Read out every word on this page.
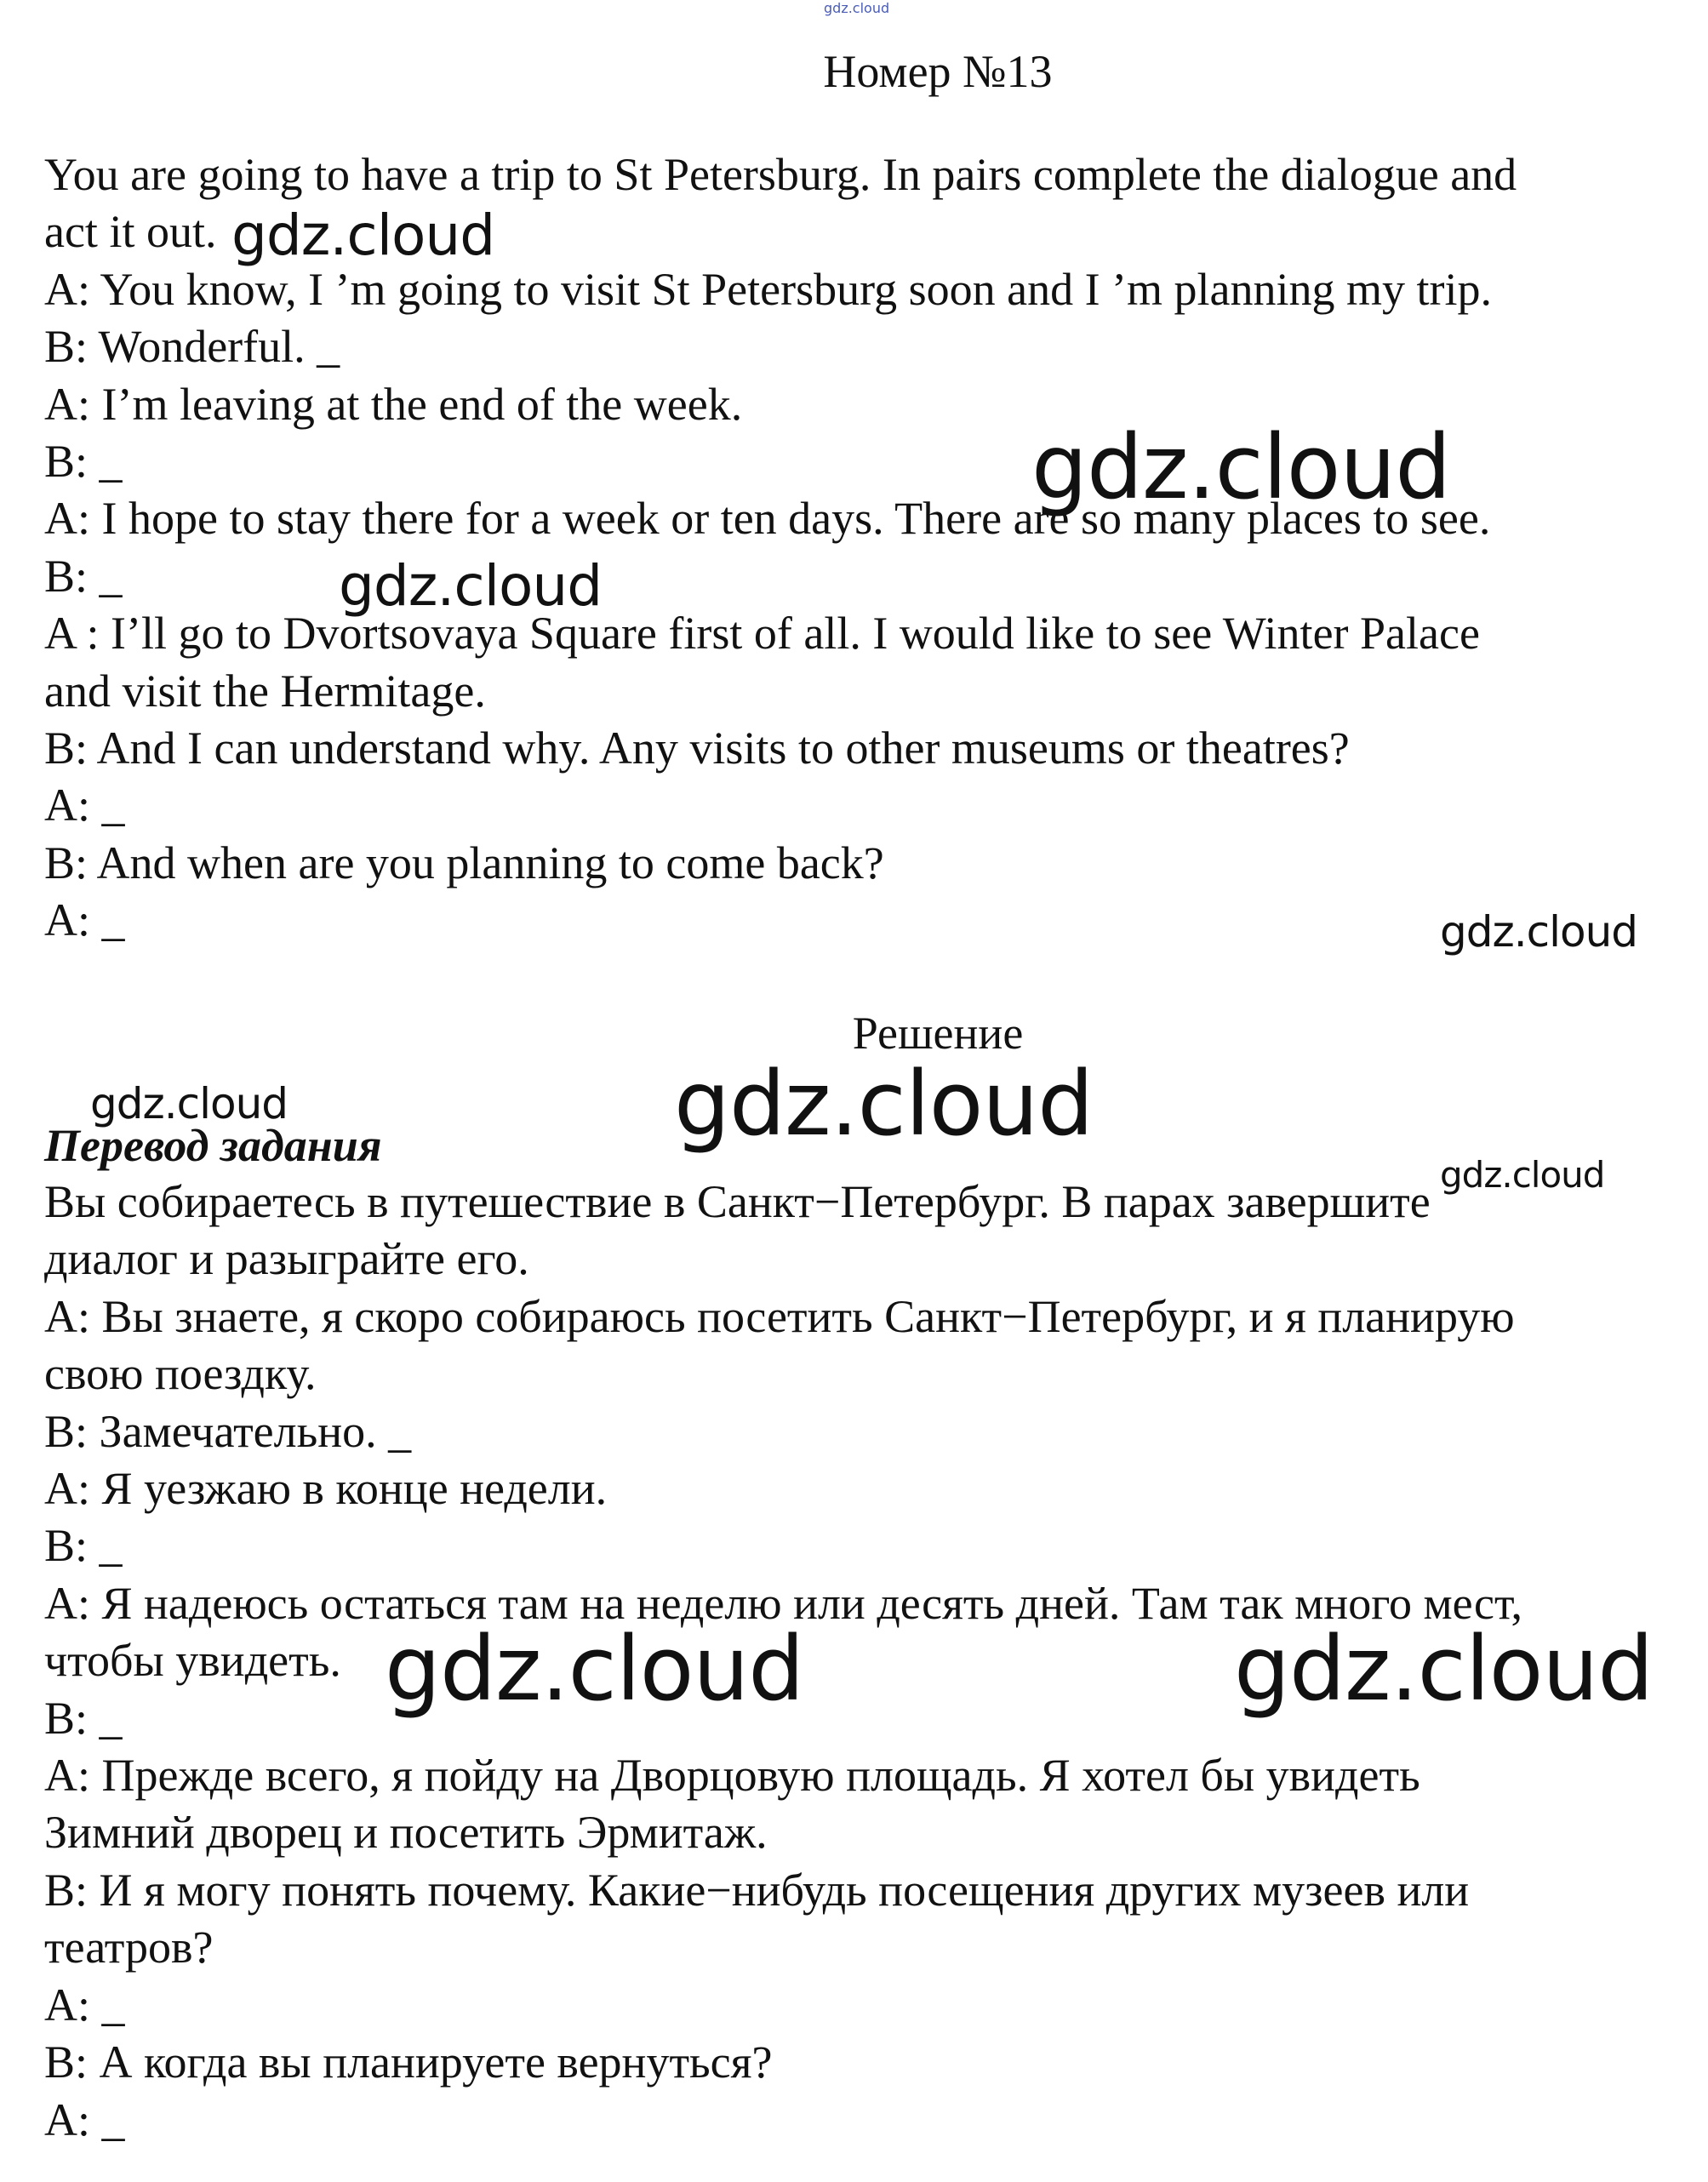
gdz.cloud
Номер №13
You are going to have a trip to St Petersburg. In pairs complete the dialogue and
act it out.
A: You know, I ’m going to visit St Petersburg soon and I ’m planning my trip.
B: Wonderful. _
A: I’m leaving at the end of the week.
B: _
A: I hope to stay there for a week or ten days. There are so many places to see.
B: _
A : I’ll go to Dvortsovaya Square first of all. I would like to see Winter Palace
and visit the Hermitage.
B: And I can understand why. Any visits to other museums or theatres?
A: _
B: And when are you planning to come back?
A: _
Решение
Перевод задания
Вы собираетесь в путешествие в Санкт−Петербург. В парах завершите
диалог и разыграйте его.
А: Вы знаете, я скоро собираюсь посетить Санкт−Петербург, и я планирую
свою поездку.
В: Замечательно. _
А: Я уезжаю в конце недели.
В: _
А: Я надеюсь остаться там на неделю или десять дней. Там так много мест,
чтобы увидеть.
В: _
А: Прежде всего, я пойду на Дворцовую площадь. Я хотел бы увидеть
Зимний дворец и посетить Эрмитаж.
В: И я могу понять почему. Какие−нибудь посещения других музеев или
театров?
А: _
В: А когда вы планируете вернуться?
А: _
gdz.cloud
gdz.cloud
gdz.cloud
gdz.cloud
gdz.cloud	gdz.cloud
gdz.cloud
gdz.cloud	gdz.cloud
